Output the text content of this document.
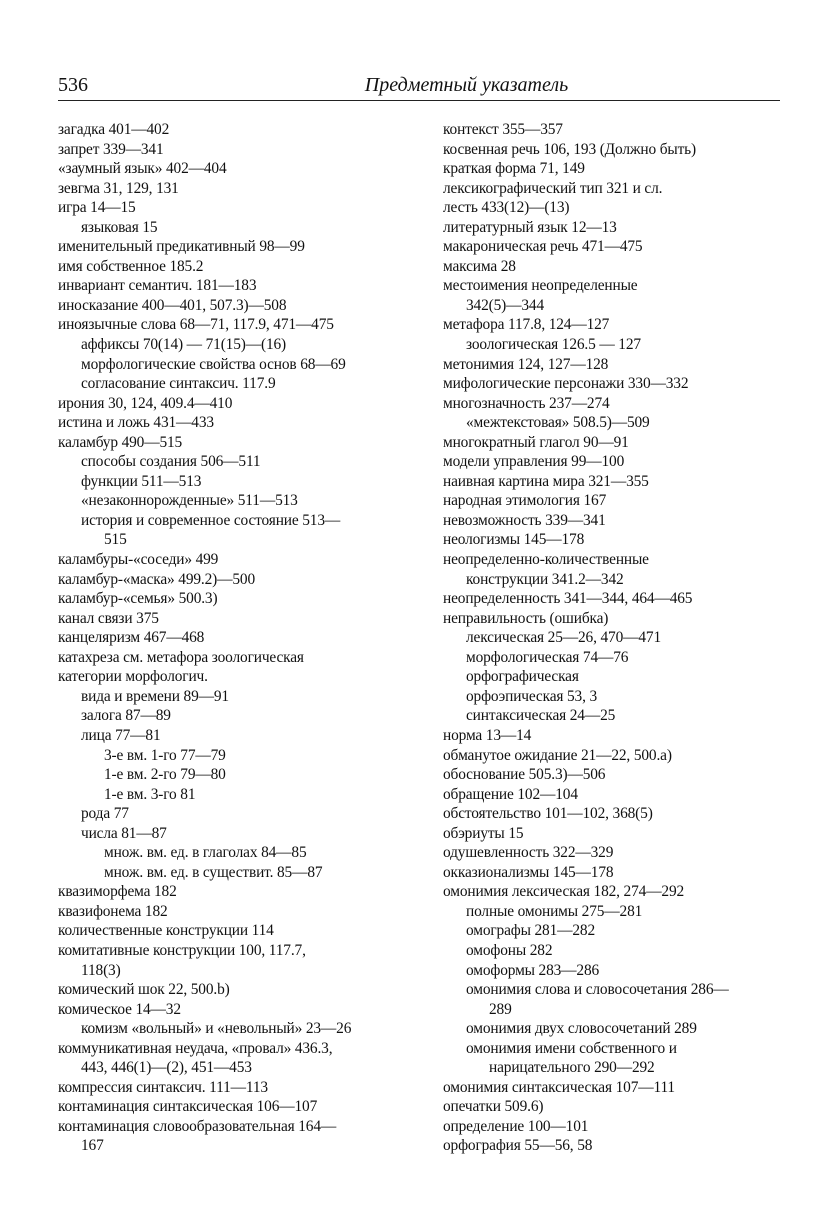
536	Предметный указатель
загадка 401—402
запрет 339—341
«заумный язык» 402—404
зевгма 31, 129, 131
игра 14—15
языковая 15
именительный предикативный 98—99
имя собственное 185.2
инвариант семантич. 181—183
иносказание 400—401, 507.3)—508
иноязычные слова 68—71, 117.9, 471—475
аффиксы 70(14) — 71(15)—(16)
морфологические свойства основ 68—69
согласование синтаксич. 117.9
ирония 30, 124, 409.4—410
истина и ложь 431—433
каламбур 490—515
способы создания 506—511
функции 511—513
«незаконнорожденные» 511—513
история и современное состояние 513—
515
каламбуры-«соседи» 499
каламбур-«маска» 499.2)—500
каламбур-«семья» 500.3)
канал связи 375
канцеляризм 467—468
катахреза см. метафора зоологическая
категории морфологич.
вида и времени 89—91
залога 87—89
лица 77—81
3-е вм. 1-го 77—79
1-е вм. 2-го 79—80
1-е вм. 3-го 81
рода 77
числа 81—87
множ. вм. ед. в глаголах 84—85
множ. вм. ед. в существит. 85—87
квазиморфема 182
квазифонема 182
количественные конструкции 114
комитативные конструкции 100, 117.7,
118(3)
комический шок 22, 500.b)
комическое 14—32
комизм «вольный» и «невольный» 23—26
коммуникативная неудача, «провал» 436.3,
443, 446(1)—(2), 451—453
компрессия синтаксич. 111—113
контаминация синтаксическая 106—107
контаминация словообразовательная 164—
167
контекст 355—357
косвенная речь 106, 193 (Должно быть)
краткая форма 71, 149
лексикографический тип 321 и сл.
лесть 433(12)—(13)
литературный язык 12—13
макароническая речь 471—475
максима 28
местоимения неопределенные
342(5)—344
метафора 117.8, 124—127
зоологическая 126.5 — 127
метонимия 124, 127—128
мифологические персонажи 330—332
многозначность 237—274
«межтекстовая» 508.5)—509
многократный глагол 90—91
модели управления 99—100
наивная картина мира 321—355
народная этимология 167
невозможность 339—341
неологизмы 145—178
неопределенно-количественные
конструкции 341.2—342
неопределенность 341—344, 464—465
неправильность (ошибка)
лексическая 25—26, 470—471
морфологическая 74—76
орфографическая
орфоэпическая 53, 3
синтаксическая 24—25
норма 13—14
обманутое ожидание 21—22, 500.а)
обоснование 505.3)—506
обращение 102—104
обстоятельство 101—102, 368(5)
обэриуты 15
одушевленность 322—329
окказионализмы 145—178
омонимия лексическая 182, 274—292
полные омонимы 275—281
омографы 281—282
омофоны 282
омоформы 283—286
омонимия слова и словосочетания 286—
289
омонимия двух словосочетаний 289
омонимия имени собственного и
нарицательного 290—292
омонимия синтаксическая 107—111
опечатки 509.6)
определение 100—101
орфография 55—56, 58
